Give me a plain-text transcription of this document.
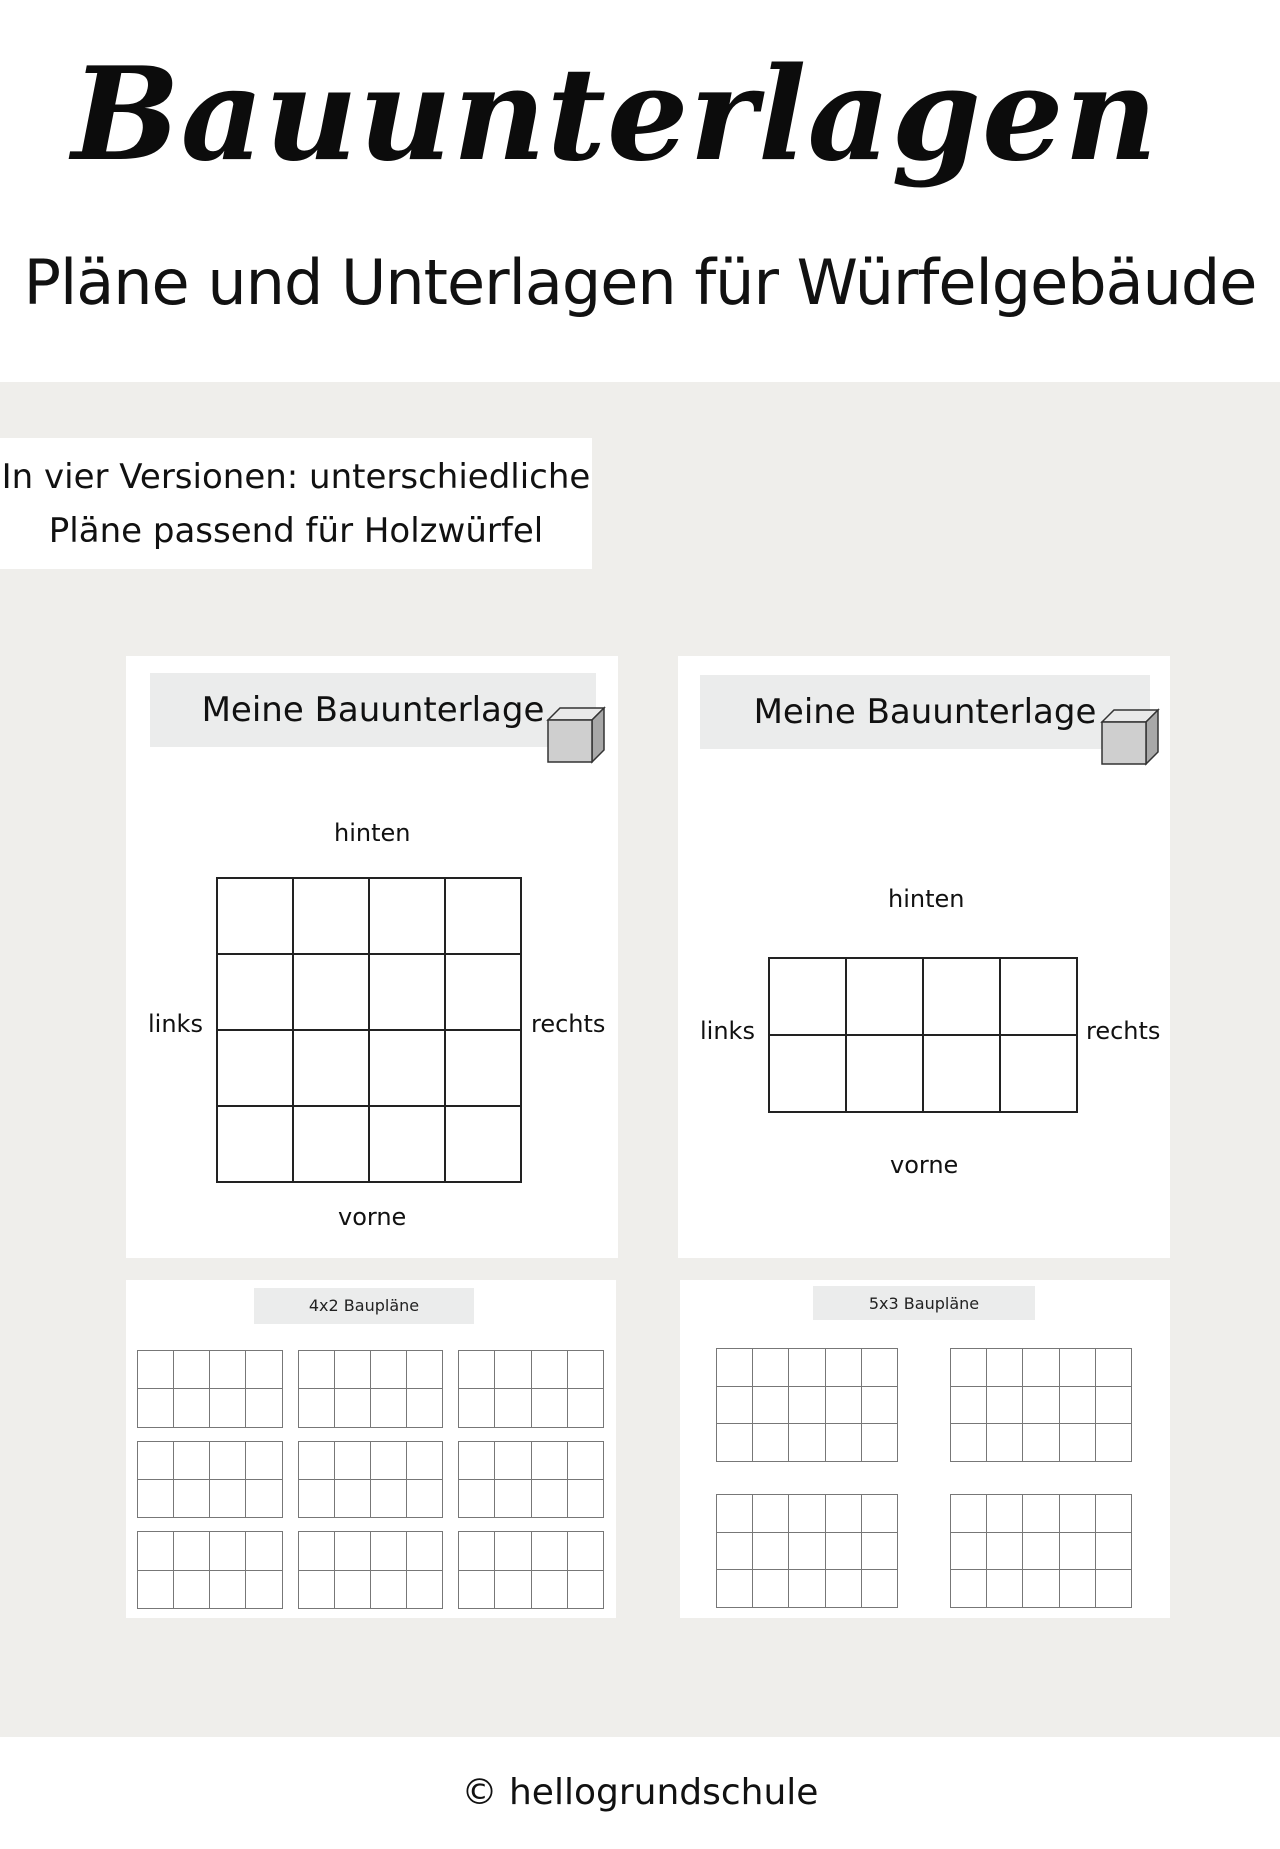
Bauunterlagen
Pläne und Unterlagen für Würfelgebäude
In vier Versionen: unterschiedliche
Pläne passend für Holzwürfel
Meine Bauunterlage
hinten
links	rechts
vorne

Meine Bauunterlage
hinten
links	rechts
vorne

4x2 Baupläne

				5x3 Baupläne

© hellogrundschule
